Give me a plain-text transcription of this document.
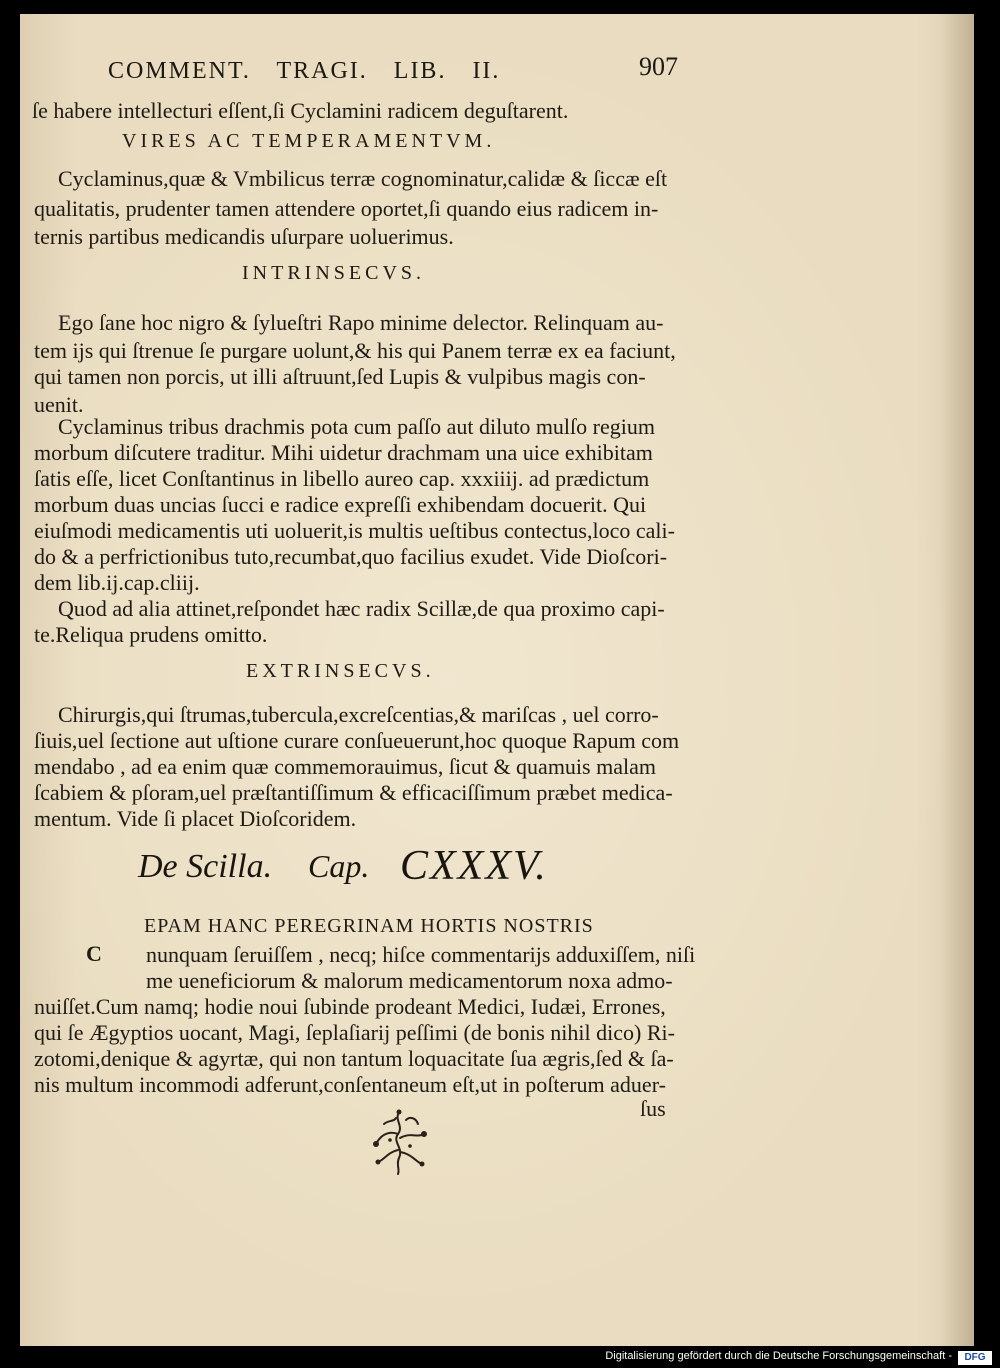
COMMENT. TRAGI. LIB. II.	907
ſe habere intellecturi eſſent,ſi Cyclamini radicem deguſtarent.
VIRES AC TEMPERAMENTVM.
Cyclaminus,quæ & Vmbilicus terræ cognominatur,calidæ & ſiccæ eſt
qualitatis, prudenter tamen attendere oportet,ſi quando eius radicem in-
ternis partibus medicandis uſurpare uoluerimus.
INTRINSECVS.
Ego ſane hoc nigro & ſylueſtri Rapo minime delector. Relinquam au-
tem ijs qui ſtrenue ſe purgare uolunt,& his qui Panem terræ ex ea faciunt,
qui tamen non porcis, ut illi aſtruunt,ſed Lupis & vulpibus magis con-
uenit.
Cyclaminus tribus drachmis pota cum paſſo aut diluto mulſo regium
morbum diſcutere traditur. Mihi uidetur drachmam una uice exhibitam
ſatis eſſe, licet Conſtantinus in libello aureo cap. xxxiiij. ad prædictum
morbum duas uncias ſucci e radice expreſſi exhibendam docuerit. Qui
eiuſmodi medicamentis uti uoluerit,is multis ueſtibus contectus,loco cali-
do & a perfrictionibus tuto,recumbat,quo facilius exudet. Vide Dioſcori-
dem lib.ij.cap.cliij.
Quod ad alia attinet,reſpondet hæc radix Scillæ,de qua proximo capi-
te.Reliqua prudens omitto.
EXTRINSECVS.
Chirurgis,qui ſtrumas,tubercula,excreſcentias,& mariſcas , uel corro-
ſiuis,uel ſectione aut uſtione curare conſueuerunt,hoc quoque Rapum com
mendabo , ad ea enim quæ commemorauimus, ſicut & quamuis malam
ſcabiem & pſoram,uel præſtantiſſimum & efficaciſſimum præbet medica-
mentum. Vide ſi placet Dioſcoridem.
De Scilla. Cap. CXXXV.
C
EPAM HANC PEREGRINAM HORTIS NOSTRIS
nunquam ſeruiſſem , necq; hiſce commentarijs adduxiſſem, niſi
me ueneficiorum & malorum medicamentorum noxa admo-
nuiſſet.Cum namq; hodie noui ſubinde prodeant Medici, Iudæi, Errones,
qui ſe Ægyptios uocant, Magi, ſeplaſiarij peſſimi (de bonis nihil dico) Ri-
zotomi,denique & agyrtæ, qui non tantum loquacitate ſua ægris,ſed & ſa-
nis multum incommodi adferunt,conſentaneum eſt,ut in poſterum aduer-
ſus
Digitalisierung gefördert durch die Deutsche Forschungsgemeinschaft -	DFG
